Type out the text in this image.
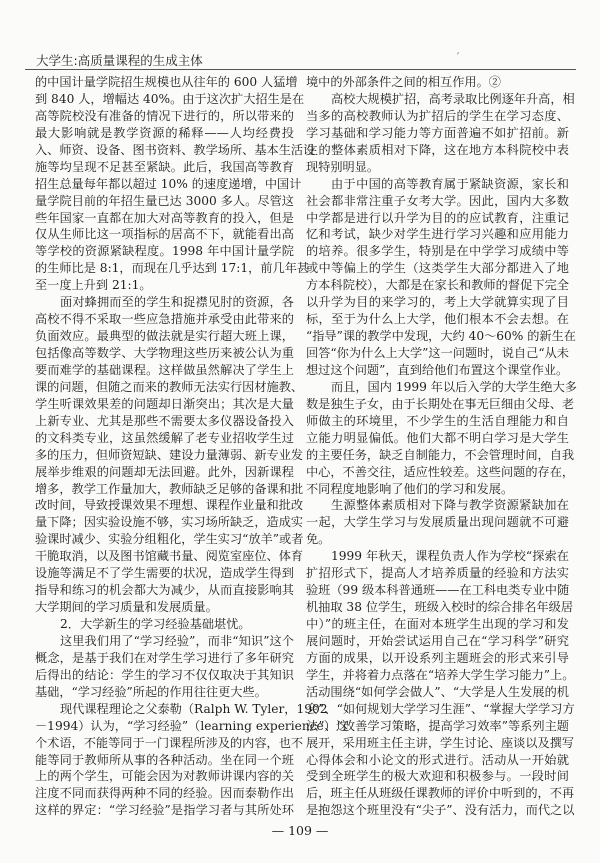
大学生:高质量课程的生成主体	′
的中国计量学院招生规模也从往年的 600 人猛增
到 840 人，增幅达 40%。由于这次扩大招生是在
高等院校没有准备的情况下进行的，所以带来的
最大影响就是教学资源的稀释——人均经费投
入、师资、设备、图书资料、教学场所、基本生活设
施等均呈现不足甚至紧缺。此后，我国高等教育
招生总量每年都以超过 10% 的速度递增，中国计
量学院目前的年招生量已达 3000 多人。尽管这
些年国家一直都在加大对高等教育的投入，但是
仅从生师比这一项指标的居高不下，就能看出高
等学校的资源紧缺程度。1998 年中国计量学院
的生师比是 8:1，而现在几乎达到 17:1，前几年甚
至一度上升到 21:1。
面对蜂拥而至的学生和捉襟见肘的资源，各
高校不得不采取一些应急措施并承受由此带来的
负面效应。最典型的做法就是实行超大班上课，
包括像高等数学、大学物理这些历来被公认为重
要而难学的基础课程。这样做虽然解决了学生上
课的问题，但随之而来的教师无法实行因材施教、
学生听课效果差的问题却日渐突出；其次是大量
上新专业、尤其是那些不需要太多仪器设备投入
的文科类专业，这虽然缓解了老专业招收学生过
多的压力，但师资短缺、建设力量薄弱、新专业发
展举步维艰的问题却无法回避。此外，因新课程
增多，教学工作量加大，教师缺乏足够的备课和批
改时间，导致授课效果不理想、课程作业量和批改
量下降；因实验设施不够，实习场所缺乏，造成实
验课时减少、实验分组粗化，学生实习“放羊”或者
干脆取消，以及图书馆藏书量、阅览室座位、体育
设施等满足不了学生需要的状况，造成学生得到
指导和练习的机会都大为减少，从而直接影响其
大学期间的学习质量和发展质量。
2．大学新生的学习经验基础堪忧。
这里我们用了“学习经验”，而非“知识”这个
概念，是基于我们在对学生学习进行了多年研究
后得出的结论：学生的学习不仅仅取决于其知识
基础，“学习经验”所起的作用往往更大些。
现代课程理论之父泰勒（Ralph W. Tyler，1902
－1994）认为，“学习经验”（learning experience）这
个术语，不能等同于一门课程所涉及的内容，也不
能等同于教师所从事的各种活动。坐在同一个班
上的两个学生，可能会因为对教师讲课内容的关
注度不同而获得两种不同的经验。因而泰勒作出
这样的界定：“学习经验”是指学习者与其所处环
境中的外部条件之间的相互作用。②
高校大规模扩招，高考录取比例逐年升高，相
当多的高校教师认为扩招后的学生在学习态度、
学习基础和学习能力等方面普遍不如扩招前。新
生的整体素质相对下降，这在地方本科院校中表
现特别明显。
由于中国的高等教育属于紧缺资源，家长和
社会都非常注重子女考大学。因此，国内大多数
中学都是进行以升学为目的的应试教育，注重记
忆和考试，缺少对学生进行学习兴趣和应用能力
的培养。很多学生，特别是在中学学习成绩中等
或中等偏上的学生（这类学生大部分都进入了地
方本科院校），大都是在家长和教师的督促下完全
以升学为目的来学习的，考上大学就算实现了目
标，至于为什么上大学，他们根本不会去想。在
“指导”课的教学中发现，大约 40～60% 的新生在
回答“你为什么上大学”这一问题时，说自己“从未
想过这个问题”，直到给他们布置这个课堂作业。
而且，国内 1999 年以后入学的大学生绝大多
数是独生子女，由于长期处在事无巨细由父母、老
师做主的环境里，不少学生的生活自理能力和自
立能力明显偏低。他们大都不明白学习是大学生
的主要任务，缺乏自制能力，不会管理时间，自我
中心，不善交往，适应性较差。这些问题的存在，
不同程度地影响了他们的学习和发展。
生源整体素质相对下降与教学资源紧缺加在
一起，大学生学习与发展质量出现问题就不可避
免。
1999 年秋天，课程负责人作为学校“探索在
扩招形式下，提高人才培养质量的经验和方法实
验班（99 级本科普通班——在工科电类专业中随
机抽取 38 位学生，班级入校时的综合排名年级居
中）”的班主任，在面对本班学生出现的学习和发
展问题时，开始尝试运用自己在“学习科学”研究
方面的成果，以开设系列主题班会的形式来引导
学生，并将着力点落在“培养大学生学习能力”上。
活动围绕“如何学会做人”、“大学是人生发展的机
会”、“如何规划大学学习生涯”、“掌握大学学习方
法”、“改善学习策略，提高学习效率”等系列主题
展开，采用班主任主讲，学生讨论、座谈以及撰写
心得体会和小论文的形式进行。活动从一开始就
受到全班学生的极大欢迎和积极参与。一段时间
后，班主任从班级任课教师的评价中听到的，不再
是抱怨这个班里没有“尖子”、没有活力，而代之以
— 109 —
